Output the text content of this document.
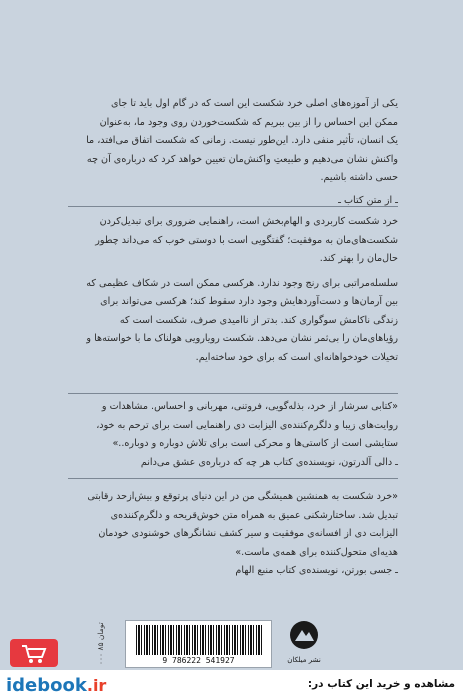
یکی از آموزه‌های اصلی خرد شکست این است که در گام اول باید تا جای
ممکن این احساس را از بین ببریم که شکست‌خوردن روی وجود ما، به‌عنوان
یک انسان، تأثیر منفی دارد. این‌طور نیست. زمانی که شکست اتفاق می‌افتد، ما
واکنش نشان می‌دهیم و طبیعتِ واکنش‌مان تعیین خواهد کرد که درباره‌ی آن چه
حسی داشته باشیم.
ـ از متن کتاب ـ
خرد شکست کاربردی و الهام‌بخش است، راهنمایی ضروری برای تبدیل‌کردن
شکست‌های‌مان به موفقیت؛ گفتگویی است با دوستی خوب که می‌داند چطور
حال‌مان را بهتر کند.
سلسله‌مراتبی برای رنج وجود ندارد. هرکسی ممکن است در شکاف عظیمی که
بین آرمان‌ها و دست‌آوردهایش وجود دارد سقوط کند؛ هرکسی می‌تواند برای
زندگی ناکامش سوگواری کند. بدتر از ناامیدی صرف، شکست است که
رؤیاهای‌مان را بی‌ثمر نشان می‌دهد. شکست رویارویی هولناک ما با خواسته‌ها و
تخیلات خودخواهانه‌ای است که برای خود ساخته‌ایم.
«کتابی سرشار از خرد، بذله‌گویی، فروتنی، مهربانی و احساس. مشاهدات و
روایت‌های زیبا و دلگرم‌کننده‌ی الیزابت دی راهنمایی است برای ترحم به خود،
ستایشی است از کاستی‌ها و محرکی است برای تلاش دوباره و دوباره..»
ـ دالی آلدرتون، نویسنده‌ی کتاب هر چه که درباره‌ی عشق می‌دانم
«خرد شکست به همنشین همیشگی من در این دنیای پرتوقع و بیش‌ازحد رقابتی
تبدیل شد. ساختارشکنی عمیق به همراه متن خوش‌قریحه و دلگرم‌کننده‌ی
الیزابت دی از افسانه‌ی موفقیت و سیر کشف نشانگرهای خوشنودی خودمان
هدیه‌ای متحول‌کننده برای همه‌ی ماست.»
ـ جسی بورتن، نویسنده‌ی کتاب منبع الهام
۰۰۰ ۸۵ تومان
9 786222 541927	نشر میلکان
idebook .ir	مشاهده و خرید این کتاب در:
